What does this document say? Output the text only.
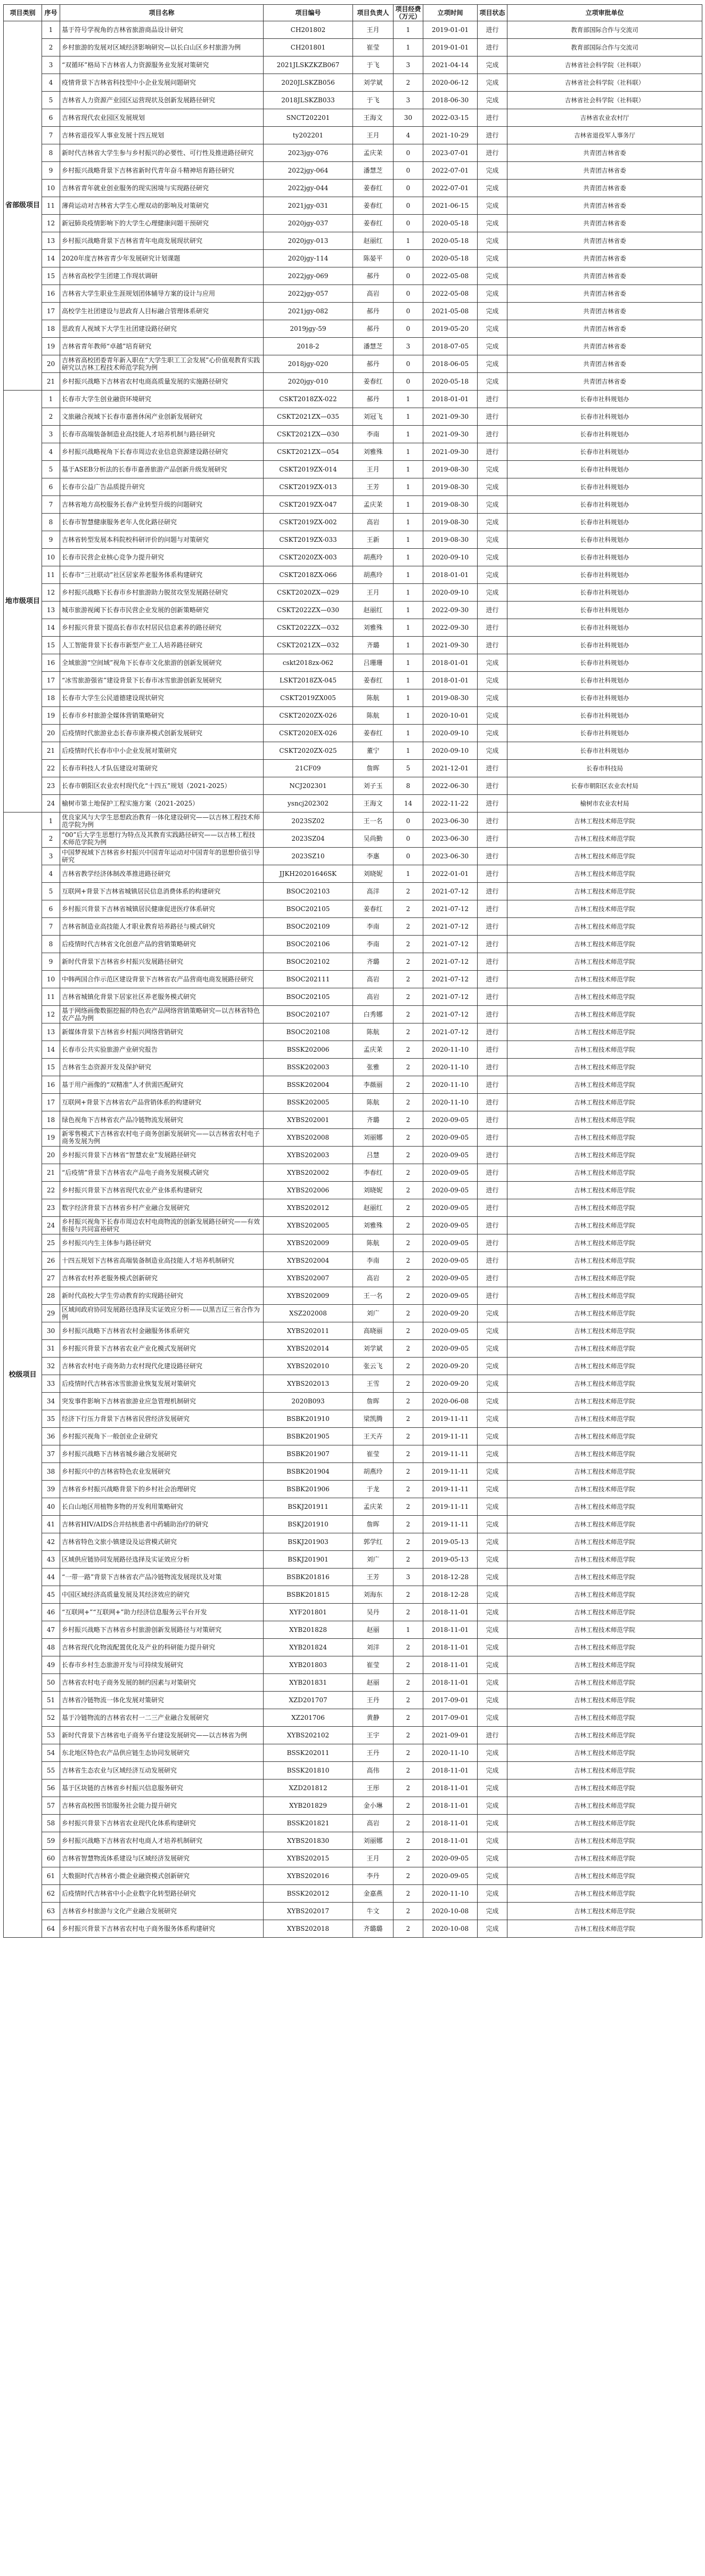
项目类别	序号	项目名称	项目编号	项目负责人	项目经费（万元）	立项时间	项目状态	立项审批单位
省部级项目	1	基于符号学视角的吉林省旅游商品设计研究	CH201802	王月	1	2019-01-01	进行	教育部国际合作与交流司
	2	乡村旅游的发展对区域经济影响研究—以长白山区乡村旅游为例	CH201801	崔莹	1	2019-01-01	进行	教育部国际合作与交流司
	3	“双循环”格局下吉林省人力资源服务业发展对策研究	2021JLSKZKZB067	于飞	3	2021-04-14	完成	吉林省社会科学院（社科联）
	4	疫情背景下吉林省科技型中小企业发展问题研究	2020JLSKZB056	刘学斌	2	2020-06-12	完成	吉林省社会科学院（社科联）
	5	吉林省人力资源产业园区运营现状及创新发展路径研究	2018JLSKZB033	于飞	3	2018-06-30	完成	吉林省社会科学院（社科联）
	6	吉林省现代农业园区发展规划	SNCT202201	王海文	30	2022-03-15	进行	吉林省农业农村厅
	7	吉林省退役军人事业发展十四五规划	ty202201	王月	4	2021-10-29	进行	吉林省退役军人事务厅
	8	新时代吉林省大学生参与乡村振兴的必要性、可行性及推进路径研究	2023jgy-076	孟庆茉	0	2023-07-01	进行	共青团吉林省委
	9	乡村振兴战略背景下吉林省新时代青年奋斗精神培育路径研究	2022jgy-064	潘慧芝	0	2022-07-01	完成	共青团吉林省委
	10	吉林省青年就业创业服务的现实困境与实现路径研究	2022jgy-044	姜春红	0	2022-07-01	完成	共青团吉林省委
	11	薄荷运动对吉林省大学生心理双动的影响及对策研究	2021jgy-031	姜春红	0	2021-06-15	完成	共青团吉林省委
	12	新冠肺炎疫情影响下的大学生心理健康问题干预研究	2020jgy-037	姜春红	0	2020-05-18	完成	共青团吉林省委
	13	乡村振兴战略背景下吉林省青年电商发展现状研究	2020jgy-013	赵丽红	1	2020-05-18	完成	共青团吉林省委
	14	2020年度吉林省青少年发展研究计划课题	2020jgy-114	陈晏平	0	2020-05-18	完成	共青团吉林省委
	15	吉林省高校学生团建工作现状调研	2022jgy-069	郝丹	0	2022-05-08	完成	共青团吉林省委
	16	吉林省大学生职业生涯规划团体辅导方案的设计与应用	2022jgy-057	高岩	0	2022-05-08	完成	共青团吉林省委
	17	高校学生社团建设与思政育人目标融合管理体系研究	2021jgy-082	郝丹	0	2021-05-08	完成	共青团吉林省委
	18	思政育人视域下大学生社团建设路径研究	2019jgy-59	郝丹	0	2019-05-20	完成	共青团吉林省委
	19	吉林省青年教师“卓越”培育研究	2018-2	潘慧芝	3	2018-07-05	完成	共青团吉林省委
	20	吉林省高校团委青年新入职在“大学生职工工会发展”心价值观教育实践研究以吉林工程技术师范学院为例	2018jgy-020	郝丹	0	2018-06-05	完成	共青团吉林省委
	21	乡村振兴战略下吉林省农村电商高质量发展的实施路径研究	2020jgy-010	姜春红	0	2020-05-18	完成	共青团吉林省委
地市级项目	1	长春市大学生创业融资环境研究	CSKT2018ZX-022	郝丹	1	2018-01-01	进行	长春市社科规划办
	2	文旅融合视域下长春市嘉善休闲产业创新发展研究	CSKT2021ZX—035	刘冠飞	1	2021-09-30	进行	长春市社科规划办
	3	长春市高端装备制造业高技能人才培养机制与路径研究	CSKT2021ZX—030	李南	1	2021-09-30	进行	长春市社科规划办
	4	乡村振兴战略视角下长春市周边农业信息资源建设路径研究	CSKT2021ZX—054	刘雅殊	1	2021-09-30	进行	长春市社科规划办
	5	基于ASEB分析法的长春市嘉善旅游产品创新升级发展研究	CSKT2019ZX-014	王月	1	2019-08-30	完成	长春市社科规划办
	6	长春市公益广告品质提升研究	CSKT2019ZX-013	王芳	1	2019-08-30	完成	长春市社科规划办
	7	吉林省地方高校服务长春产业转型升级的问题研究	CSKT2019ZX-047	孟庆茉	1	2019-08-30	完成	长春市社科规划办
	8	长春市智慧健康服务老年人优化路径研究	CSKT2019ZX-002	高岩	1	2019-08-30	完成	长春市社科规划办
	9	吉林省转型发展本科院校科研评价的问题与对策研究	CSKT2019ZX-033	王新	1	2019-08-30	完成	长春市社科规划办
	10	长春市民营企业核心竞争力提升研究	CSKT2020ZX-003	胡燕玲	1	2020-09-10	完成	长春市社科规划办
	11	长春市“三社联动”社区居家养老服务体系构建研究	CSKT2018ZX-066	胡燕玲	1	2018-01-01	完成	长春市社科规划办
	12	乡村振兴战略下长春市乡村旅游助力脱贫攻坚发展路径研究	CSKT2020ZX—029	王月	1	2020-09-10	完成	长春市社科规划办
	13	城市旅游视阈下长春市民营企业发展的创新策略研究	CSKT2022ZX—030	赵丽红	1	2022-09-30	进行	长春市社科规划办
	14	乡村振兴背景下提高长春市农村居民信息素养的路径研究	CSKT2022ZX—032	刘雅殊	1	2022-09-30	进行	长春市社科规划办
	15	人工智能背景下长春市新型产业工人培养路径研究	CSKT2021ZX—032	齐璐	1	2021-09-30	进行	长春市社科规划办
	16	全域旅游“空间域”视角下长春市文化旅游的创新发展研究	cskt2018zx-062	吕珊珊	1	2018-01-01	完成	长春市社科规划办
	17	“冰雪旅游强省”建设背景下长春市冰雪旅游创新发展研究	LSKT2018ZX-045	姜春红	1	2018-01-01	完成	长春市社科规划办
	18	长春市大学生公民道德建设现状研究	CSKT2019ZX005	陈航	1	2019-08-30	完成	长春市社科规划办
	19	长春市乡村旅游全媒体营销策略研究	CSKT2020ZX-026	陈航	1	2020-10-01	完成	长春市社科规划办
	20	后疫情时代旅游业态长春市康养模式创新发展研究	CSKT2020EX-026	姜春红	1	2020-09-10	完成	长春市社科规划办
	21	后疫情时代长春市中小企业发展对策研究	CSKT2020ZX-025	董宁	1	2020-09-10	完成	长春市社科规划办
	22	长春市科技人才队伍建设对策研究	21CF09	詹晖	5	2021-12-01	进行	长春市科技局
	23	长春市朝阳区农业农村现代化“十四五”规划（2021-2025）	NCJ202301	刘子玉	8	2022-06-30	进行	长春市朝阳区农业农村局
	24	榆树市第土地保护工程实施方案（2021-2025）	ysncj202302	王海文	14	2022-11-22	进行	榆树市农业农村局
校级项目	1	优良家风与大学生思想政治教育一体化建设研究——以吉林工程技术师范学院为例	2023SZ02	王一名	0	2023-06-30	进行	吉林工程技术师范学院
	2	“00”后大学生思想行为特点及其教育实践路径研究——以吉林工程技术师范学院为例	2023SZ04	吴尚勤	0	2023-06-30	进行	吉林工程技术师范学院
	3	中国梦视域下吉林省乡村振兴中国青年运动对中国青年的思想价值引导研究	2023SZ10	李惠	0	2023-06-30	进行	吉林工程技术师范学院
	4	吉林省教学经济体制改革推进路径研究	JJKH20201646SK	刘晓妮	1	2022-01-01	进行	吉林工程技术师范学院
	5	互联网+背景下吉林省城镇居民信息消费体系的构建研究	BSOC202103	高洋	2	2021-07-12	进行	吉林工程技术师范学院
	6	乡村振兴背景下吉林省城镇居民健康促进医疗体系研究	BSOC202105	姜春红	2	2021-07-12	进行	吉林工程技术师范学院
	7	吉林省制造业高技能人才职业教育培养路径与模式研究	BSOC202109	李南	2	2021-07-12	进行	吉林工程技术师范学院
	8	后疫情时代吉林省文化创意产品的营销策略研究	BSOC202106	李南	2	2021-07-12	进行	吉林工程技术师范学院
	9	新时代背景下吉林省乡村振兴发展路径研究	BSOC202102	齐璐	2	2021-07-12	进行	吉林工程技术师范学院
	10	中韩两国合作示范区建设背景下吉林省农产品营商电商发展路径研究	BSOC202111	高岩	2	2021-07-12	进行	吉林工程技术师范学院
	11	吉林省城镇化背景下居家社区养老服务模式研究	BSOC202105	高岩	2	2021-07-12	进行	吉林工程技术师范学院
	12	基于网络画像数据挖掘的特色农产品网络营销策略研究—以吉林省特色农产品为例	BSOC202107	白秀娜	2	2021-07-12	进行	吉林工程技术师范学院
	13	新媒体背景下吉林省乡村振兴网络营销研究	BSOC202108	陈航	2	2021-07-12	进行	吉林工程技术师范学院
	14	长春市公共实验旅游产业研究报告	BSSK202006	孟庆茉	2	2020-11-10	进行	吉林工程技术师范学院
	15	吉林省生态资源开发及保护研究	BSSK202003	张雅	2	2020-11-10	进行	吉林工程技术师范学院
	16	基于用户画像的“双精准”人才供需匹配研究	BSSK202004	李薇丽	2	2020-11-10	进行	吉林工程技术师范学院
	17	互联网+背景下吉林省农产品营销体系的构建研究	BSSK202005	陈航	2	2020-11-10	进行	吉林工程技术师范学院
	18	绿色视角下吉林省农产品冷链物流发展研究	XYBS202001	齐璐	2	2020-09-05	进行	吉林工程技术师范学院
	19	新零售模式下吉林省农村电子商务创新发展研究——以吉林省农村电子商务发展为例	XYBS202008	刘丽娜	2	2020-09-05	进行	吉林工程技术师范学院
	20	乡村振兴背景下吉林省“智慧农业”发展路径研究	XYBS202003	吕慧	2	2020-09-05	进行	吉林工程技术师范学院
	21	“后疫情”背景下吉林省农产品电子商务发展模式研究	XYBS202002	李春红	2	2020-09-05	进行	吉林工程技术师范学院
	22	乡村振兴背景下吉林省现代农业产业体系构建研究	XYBS202006	刘晓妮	2	2020-09-05	进行	吉林工程技术师范学院
	23	数字经济背景下吉林省乡村产业融合发展研究	XYBS202012	赵丽红	2	2020-09-05	进行	吉林工程技术师范学院
	24	乡村振兴视角下长春市周边农村电商物流的创新发展路径研究——有效衔接与共同富裕研究	XYBS202005	刘雅殊	2	2020-09-05	进行	吉林工程技术师范学院
	25	乡村振兴内生主体参与路径研究	XYBS202009	陈航	2	2020-09-05	进行	吉林工程技术师范学院
	26	十四五规划下吉林省高端装备制造业高技能人才培养机制研究	XYBS202004	李南	2	2020-09-05	进行	吉林工程技术师范学院
	27	吉林省农村养老服务模式创新研究	XYBS202007	高岩	2	2020-09-05	进行	吉林工程技术师范学院
	28	新时代高校大学生劳动教育的实现路径研究	XYBS202009	王一名	2	2020-09-05	进行	吉林工程技术师范学院
	29	区域间政府协同发展路径选择及实证效应分析——以黑吉辽三省合作为例	XSZ202008	刘广	2	2020-09-20	完成	吉林工程技术师范学院
	30	乡村振兴战略下吉林省农村金融服务体系研究	XYBS202011	高晓丽	2	2020-09-05	完成	吉林工程技术师范学院
	31	乡村振兴背景下吉林省农业产业化模式发展研究	XYBS202014	刘学斌	2	2020-09-05	完成	吉林工程技术师范学院
	32	吉林省农村电子商务助力农村现代化建设路径研究	XYBS202010	张云飞	2	2020-09-20	完成	吉林工程技术师范学院
	33	后疫情时代吉林省冰雪旅游业恢复发展对策研究	XYBS202013	王雪	2	2020-09-20	完成	吉林工程技术师范学院
	34	突发事件影响下吉林省旅游业应急管理机制研究	2020B093	詹晖	2	2020-06-08	完成	吉林工程技术师范学院
	35	经济下行压力背景下吉林省民营经济发展研究	BSBK201910	梁凯腾	2	2019-11-11	完成	吉林工程技术师范学院
	36	乡村振兴视角下一般创业企业研究	BSBK201905	王天卉	2	2019-11-11	完成	吉林工程技术师范学院
	37	乡村振兴战略下吉林省城乡融合发展研究	BSBK201907	崔莹	2	2019-11-11	完成	吉林工程技术师范学院
	38	乡村振兴中的吉林省特色农业发展研究	BSBK201904	胡燕玲	2	2019-11-11	完成	吉林工程技术师范学院
	39	吉林省乡村振兴战略背景下的乡村社会治理研究	BSBK201906	于龙	2	2019-11-11	完成	吉林工程技术师范学院
	40	长白山地区用植物多物的开发利用策略研究	BSKJ201911	孟庆茉	2	2019-11-11	完成	吉林工程技术师范学院
	41	吉林省HIV/AIDS合并结核患者中药辅助治疗的研究	BSKJ201910	詹晖	2	2019-11-11	完成	吉林工程技术师范学院
	42	吉林省特色文旅小镇建设及运营模式研究	BSKJ201903	郭学红	2	2019-05-13	完成	吉林工程技术师范学院
	43	区域供应链协同发展路径选择及实证效应分析	BSKJ201901	刘广	2	2019-05-13	完成	吉林工程技术师范学院
	44	“一带一路”背景下吉林省农产品冷链物流发展现状及对策	BSBK201816	王芳	3	2018-12-28	完成	吉林工程技术师范学院
	45	中国区域经济高质量发展及其经济效应的研究	BSBK201815	刘海东	2	2018-12-28	完成	吉林工程技术师范学院
	46	“互联网+”“互联网+”助力经济信息服务云平台开发	XYF201801	吴丹	2	2018-11-01	完成	吉林工程技术师范学院
	47	乡村振兴战略下吉林省乡村旅游创新发展路径与对策研究	XYB201828	赵丽	1	2018-11-01	完成	吉林工程技术师范学院
	48	吉林省现代化物流配置优化及产业的科研能力提升研究	XYB201824	刘洋	2	2018-11-01	完成	吉林工程技术师范学院
	49	长春市乡村生态旅游开发与可持续发展研究	XYB201803	崔莹	2	2018-11-01	完成	吉林工程技术师范学院
	50	吉林省农村电子商务发展的制约因素与对策研究	XYB201831	赵丽	2	2018-11-01	完成	吉林工程技术师范学院
	51	吉林省冷链物流一体化发展对策研究	XZD201707	王丹	2	2017-09-01	完成	吉林工程技术师范学院
	52	基于冷链物流的吉林省农村一二三产业融合发展研究	XZ201706	黄静	2	2017-09-01	完成	吉林工程技术师范学院
	53	新时代背景下吉林省电子商务平台建设发展研究——以吉林省为例	XYBS202102	王宇	2	2021-09-01	进行	吉林工程技术师范学院
	54	东北地区特色农产品供应链生态协同发展研究	BSSK202011	王丹	2	2020-11-10	完成	吉林工程技术师范学院
	55	吉林省生态农业与区域经济互动发展研究	BSSK201810	高伟	2	2018-11-01	完成	吉林工程技术师范学院
	56	基于区块链的吉林省乡村振兴信息服务研究	XZD201812	王彤	2	2018-11-01	完成	吉林工程技术师范学院
	57	吉林省高校图书馆服务社会能力提升研究	XYB201829	金小琳	2	2018-11-01	完成	吉林工程技术师范学院
	58	乡村振兴背景下吉林省农业现代化体系构建研究	BSSK201821	高岩	2	2018-11-01	完成	吉林工程技术师范学院
	59	乡村振兴战略下吉林省农村电商人才培养机制研究	XYBS201830	刘丽娜	2	2018-11-01	完成	吉林工程技术师范学院
	60	吉林省智慧物流体系建设与区域经济发展研究	XYBS202015	王月	2	2020-09-05	完成	吉林工程技术师范学院
	61	大数据时代吉林省小微企业融资模式创新研究	XYBS202016	李丹	2	2020-09-05	完成	吉林工程技术师范学院
	62	后疫情时代吉林省中小企业数字化转型路径研究	BSSK202012	金嘉燕	2	2020-11-10	完成	吉林工程技术师范学院
	63	吉林省乡村旅游与文化产业融合发展研究	XYBS202017	牛文	2	2020-10-08	完成	吉林工程技术师范学院
	64	乡村振兴背景下吉林省农村电子商务服务体系构建研究	XYBS202018	齐璐璐	2	2020-10-08	完成	吉林工程技术师范学院
